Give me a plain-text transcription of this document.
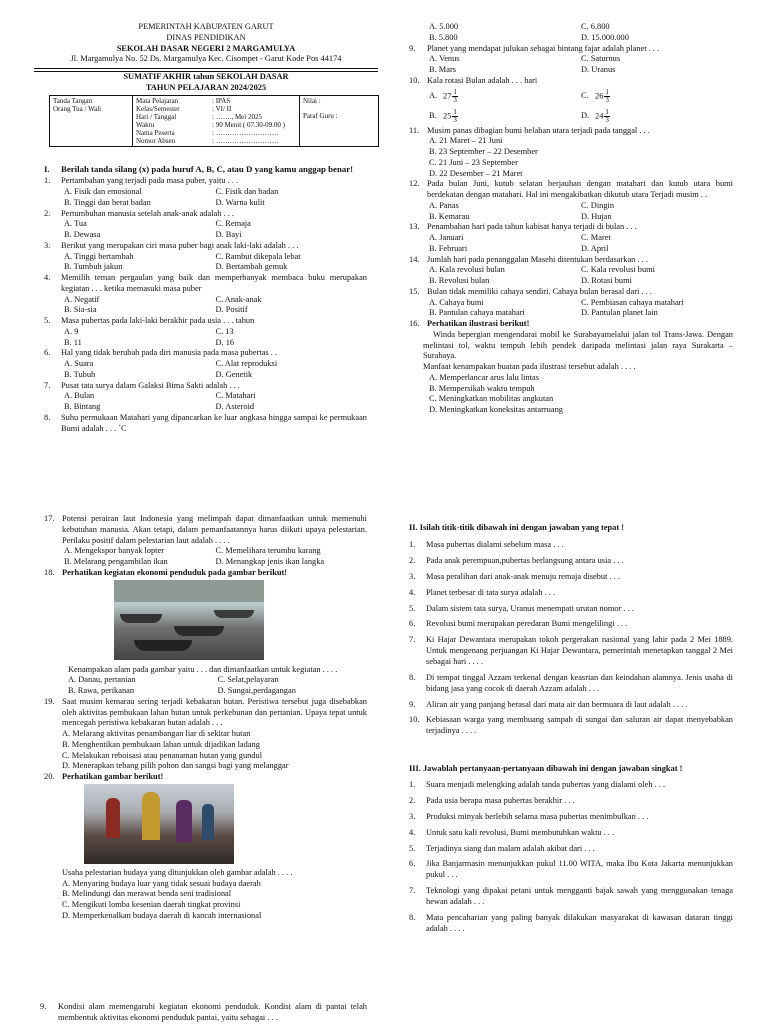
PEMERINTAH KABUPATEN GARUT
DINAS PENDIDIKAN
SEKOLAH DASAR NEGERI 2 MARGAMULYA
Jl. Margamulya No. 52 Ds. Margamulya Kec. Cisompet - Garut Kode Pos 44174
SUMATIF AKHIR tahun SEKOLAH DASAR
TAHUN PELAJARAN 2024/2025
Tanda Tangan
Orang Tua / Wali

Mata Pelajaran	: IPAS
Kelas/Semester	: VI/ II
Hari / Tanggal	: ……., Mei 2025
Waktu	: 90 Menit ( 07.30-09.00 )
Nama Peserta	: ………………………
Nomor Absen	: ………………………

Nilai :
Paraf Guru :
I.	Berilah tanda silang (x) pada huruf A, B, C, atau D yang kamu anggap benar!
1.	Pertambahan yang terjadi pada masa puber, yaitu . . .
A. Fisik dan emosional	C. Fisik dan badan
B. Tinggi dan berat badan	D. Warna kulit
2.	Pertumbuhan manusia setelah anak-anak adalah . . .
A. Tua	C. Remaja
B. Dewasa	D. Bayi
3.	Berikut yang merupakan ciri masa puber bagi anak laki-laki adalah . . .
A. Tinggi bertambah	C. Rambut dikepala lebat
B. Tumbuh jakun	D. Bertambah gemuk
4.	Memilih teman pergaulan yang baik dan memperbanyak membaca buku merupakan kegiatan . . . ketika memasuki masa puber
A. Negatif	C. Anak-anak
B. Sia-sia	D. Positif
5.	Masa pubertas pada laki-laki berakhir pada usia . . . tahun
A. 9	C. 13
B. 11	D. 16
6.	Hal yang tidak berubah pada diri manusia pada masa pubertas . .
A. Suara	C. Alat reproduksi
B. Tubuh	D. Genetik
7.	Pusat tata surya dalam Galaksi Bima Sakti adalah . . .
A. Bulan	C. Matahari
B. Bintang	D. Asteroid
8.	Suhu permukaan Matahari yang dipancarkan ke luar angkasa hingga sampai ke permukaan Bumi adalah . . . ˚C
A. 5.000	C. 6.800
B. 5.800	D. 15.000.000
9.	Planet yang mendapat julukan sebagai bintang fajar adalah planet . . .
A. Venus	C. Saturnus
B. Mars	D. Uranus
10. Kala rotasi Bulan adalah . . . hari
A. $27 \frac{1}{3}$	C. $26 \frac{1}{3}$
B. $25 \frac{1}{3}$	D. $24 \frac{1}{3}$
11. Musim panas dibagian bumi belahan utara terjadi pada tanggal . . .
A. 21 Maret – 21 Juni
B. 23 September – 22 Desember
C. 21 Juni – 23 September
D. 22 Desember – 21 Maret
12. Pada bulan Juni, kutub selatan berjauhan dengan matahari dan kutub utara bumi berdekatan dengan matahari. Hal ini mengakibatkan dikutub utara Terjadi musim . .
A. Panas	C. Dingin
B. Kemarau	D. Hujan
13. Penambahan hari pada tahun kabisat hanya terjadi di bulan . . .
A. Januari	C. Maret
B. Februari	D. April
14. Jumlah hari pada penanggalan Masehi ditentukan berdasarkan . . .
A. Kala revolusi bulan	C. Kala revolusi bumi
B. Revolusi bulan	D. Rotasi bumi
15. Bulan tidak memiliki cahaya sendiri. Cahaya bulan berasal dari . . .
A. Cahaya bumi	C. Pembiasan cahaya matahari
B. Pantulan cahaya matahari	D. Pantulan planet lain
16. Perhatikan ilustrasi berikut!
Winda bepergian mengendarai mobil ke Surabayamelalui jalan tol Trans-Jawa. Dengan melintasi tol, waktu tempuh lebih pendek daripada melintasi jalan raya Surakarta – Surabaya.
Manfaat kenampakan buatan pada ilustrasi tersebut adalah . . . .
A. Memperlancar arus lalu lintas
B. Mempersikah waktu tempuh
C. Meningkatkan mobilitas angkutan
D. Meningkatkan koneksitas antarruang
17. Potensi perairan laut Indonesia yang melimpah dapat dimanfaatkan untuk memenuhi kebutuhan manusia. Akan tetapi, dalam pemanfaatannya harus diikuti upaya pelestarian. Perilaku positif dalam pelestarian laut adalah . . . .
A. Mengekspor banyak lopter	C. Memelihara terumbu karang
B. Melarang pengambilan ikan	D. Menangkap jenis ikan langka
18. Perhatikan kegiatan ekonomi penduduk pada gambar berikut!
Kenampakan alam pada gambar yaitu . . . dan dimanfaatkan untuk kegiatan . . . .
A. Danau, pertanian	C. Selat,pelayaran
B. Rawa, perikanan	D. Sungai,perdagangan
19. Saat musim kemarau sering terjadi kebakaran hutan. Peristiwa tersebut juga disebabkan oleh aktivitas pembukaan lahan hutan untuk perkebunan dan pertanian. Upaya tepat untuk mencegah peristiwa kebakaran hutan adalah . . .
A. Melarang aktivitas penambangan liar di sekitar hutan
B. Menghentikan pembukaan lahan untuk dijadikan ladang
C. Melakukan reboisasi atau penanaman hutan yang gundul
D. Menerapkan tebang pilih pohon dan sangsi bagi yang melanggar
20. Perhatikan gambar berikut!
Usaha pelestarian budaya yang ditunjukkan oleh gambar adalah . . . .
A. Menyaring budaya luar yang tidak sesuai budaya daerah
B. Melindungi dan merawat benda seni tradisional
C. Mengikuti lomba kesenian daerah tingkat provinsi
D. Memperkenalkan budaya daerah di kancah internasional
9.	Kondisi alam memengaruhi kegiatan ekonomi penduduk. Kondisi alam di pantai telah membentuk aktivitas ekonomi penduduk pantai, yaitu sebagai . . .
II. Isilah titik-titik dibawah ini dengan jawaban yang tepat !
1.	Masa pubertas dialami sebelum masa . . .
2.	Pada anak perempuan,pubertas berlangsung antara usia . . .
3.	Masa peralihan dari anak-anak menuju remaja disebut . . .
4.	Planet terbesar di tata surya adalah . . .
5.	Dalam sistem tata surya, Uranus menempati urutan nomor . . .
6.	Revolusi bumi merupakan peredaran Bumi mengelilingi . . .
7.	Ki Hajar Dewantara merupakan tokoh pergerakan nasional yang lahir pada 2 Mei 1889. Untuk mengenang perjuangan Ki Hajar Dewantara, pemerintah menetapkan tanggal 2 Mei sebagai hari . . . .
8.	Di tempat tinggal Azzam terkenal dengan keasrian dan keindahan alamnya. Jenis usaha di bidang jasa yang cocok di daerah Azzam adalah . . .
9.	Aliran air yang panjang berasal dari mata air dan bermuara di laut adalah . . . .
10. Kebiasaan warga yang membuang sampah di sungai dan saluran air dapat menyebabkan terjadinya . . . .
III. Jawablah pertanyaan-pertanyaan dibawah ini dengan jawaban singkat !
1.	Suara menjadi melengking adalah tanda pubertas yang dialami oleh . . .
2.	Pada usia berapa masa pubertas berakhir . . .
3.	Produksi minyak berlebih selama masa pubertas menimbulkan . . .
4.	Untuk satu kali revolusi, Bumi membutuhkan waktu . . .
5.	Terjadinya siang dan malam adalah akibat dari . . .
6.	Jika Banjarmasin menunjukkan pukul 11.00 WITA, maka Ibu Kota Jakarta menunjukkan pukul . . .
7.	Teknologi yang dipakai petani untuk mengganti bajak sawah yang menggunakan tenaga hewan adalah . . .
8.	Mata pencaharian yang paling banyak dilakukan masyarakat di kawasan dataran tinggi adalah . . . .
